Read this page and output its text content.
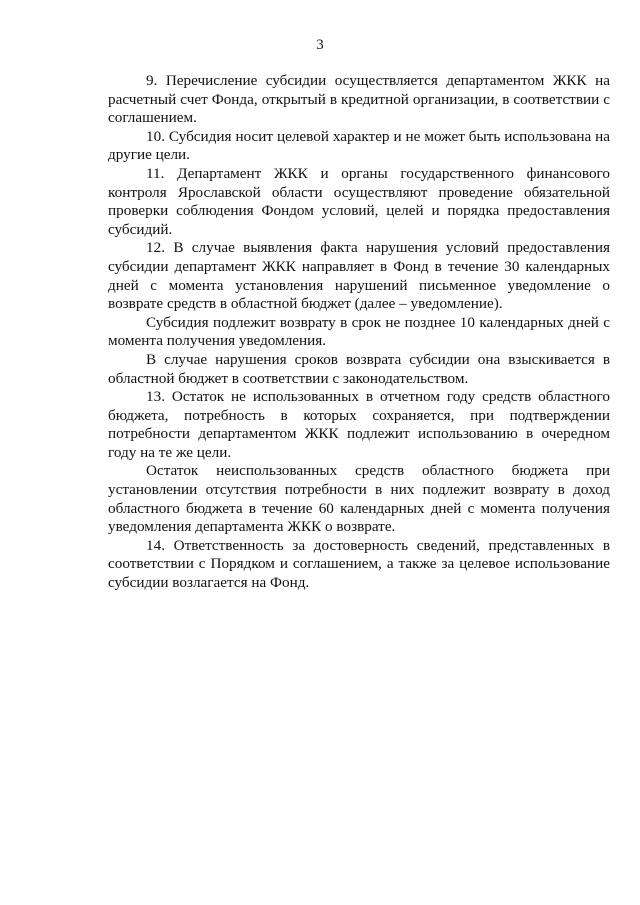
3

9. Перечисление субсидии осуществляется департаментом ЖКК на расчетный счет Фонда, открытый в кредитной организации, в соответствии с соглашением.

10. Субсидия носит целевой характер и не может быть использована на другие цели.

11. Департамент ЖКК и органы государственного финансового контроля Ярославской области осуществляют проведение обязательной проверки соблюдения Фондом условий, целей и порядка предоставления субсидий.

12. В случае выявления факта нарушения условий предоставления субсидии департамент ЖКК направляет в Фонд в течение 30 календарных дней с момента установления нарушений письменное уведомление о возврате средств в областной бюджет (далее – уведомление).

Субсидия подлежит возврату в срок не позднее 10 календарных дней с момента получения уведомления.

В случае нарушения сроков возврата субсидии она взыскивается в областной бюджет в соответствии с законодательством.

13. Остаток не использованных в отчетном году средств областного бюджета, потребность в которых сохраняется, при подтверждении потребности департаментом ЖКК подлежит использованию в очередном году на те же цели.

Остаток неиспользованных средств областного бюджета при установлении отсутствия потребности в них подлежит возврату в доход областного бюджета в течение 60 календарных дней с момента получения уведомления департамента ЖКК о возврате.

14. Ответственность за достоверность сведений, представленных в соответствии с Порядком и соглашением, а также за целевое использование субсидии возлагается на Фонд.
